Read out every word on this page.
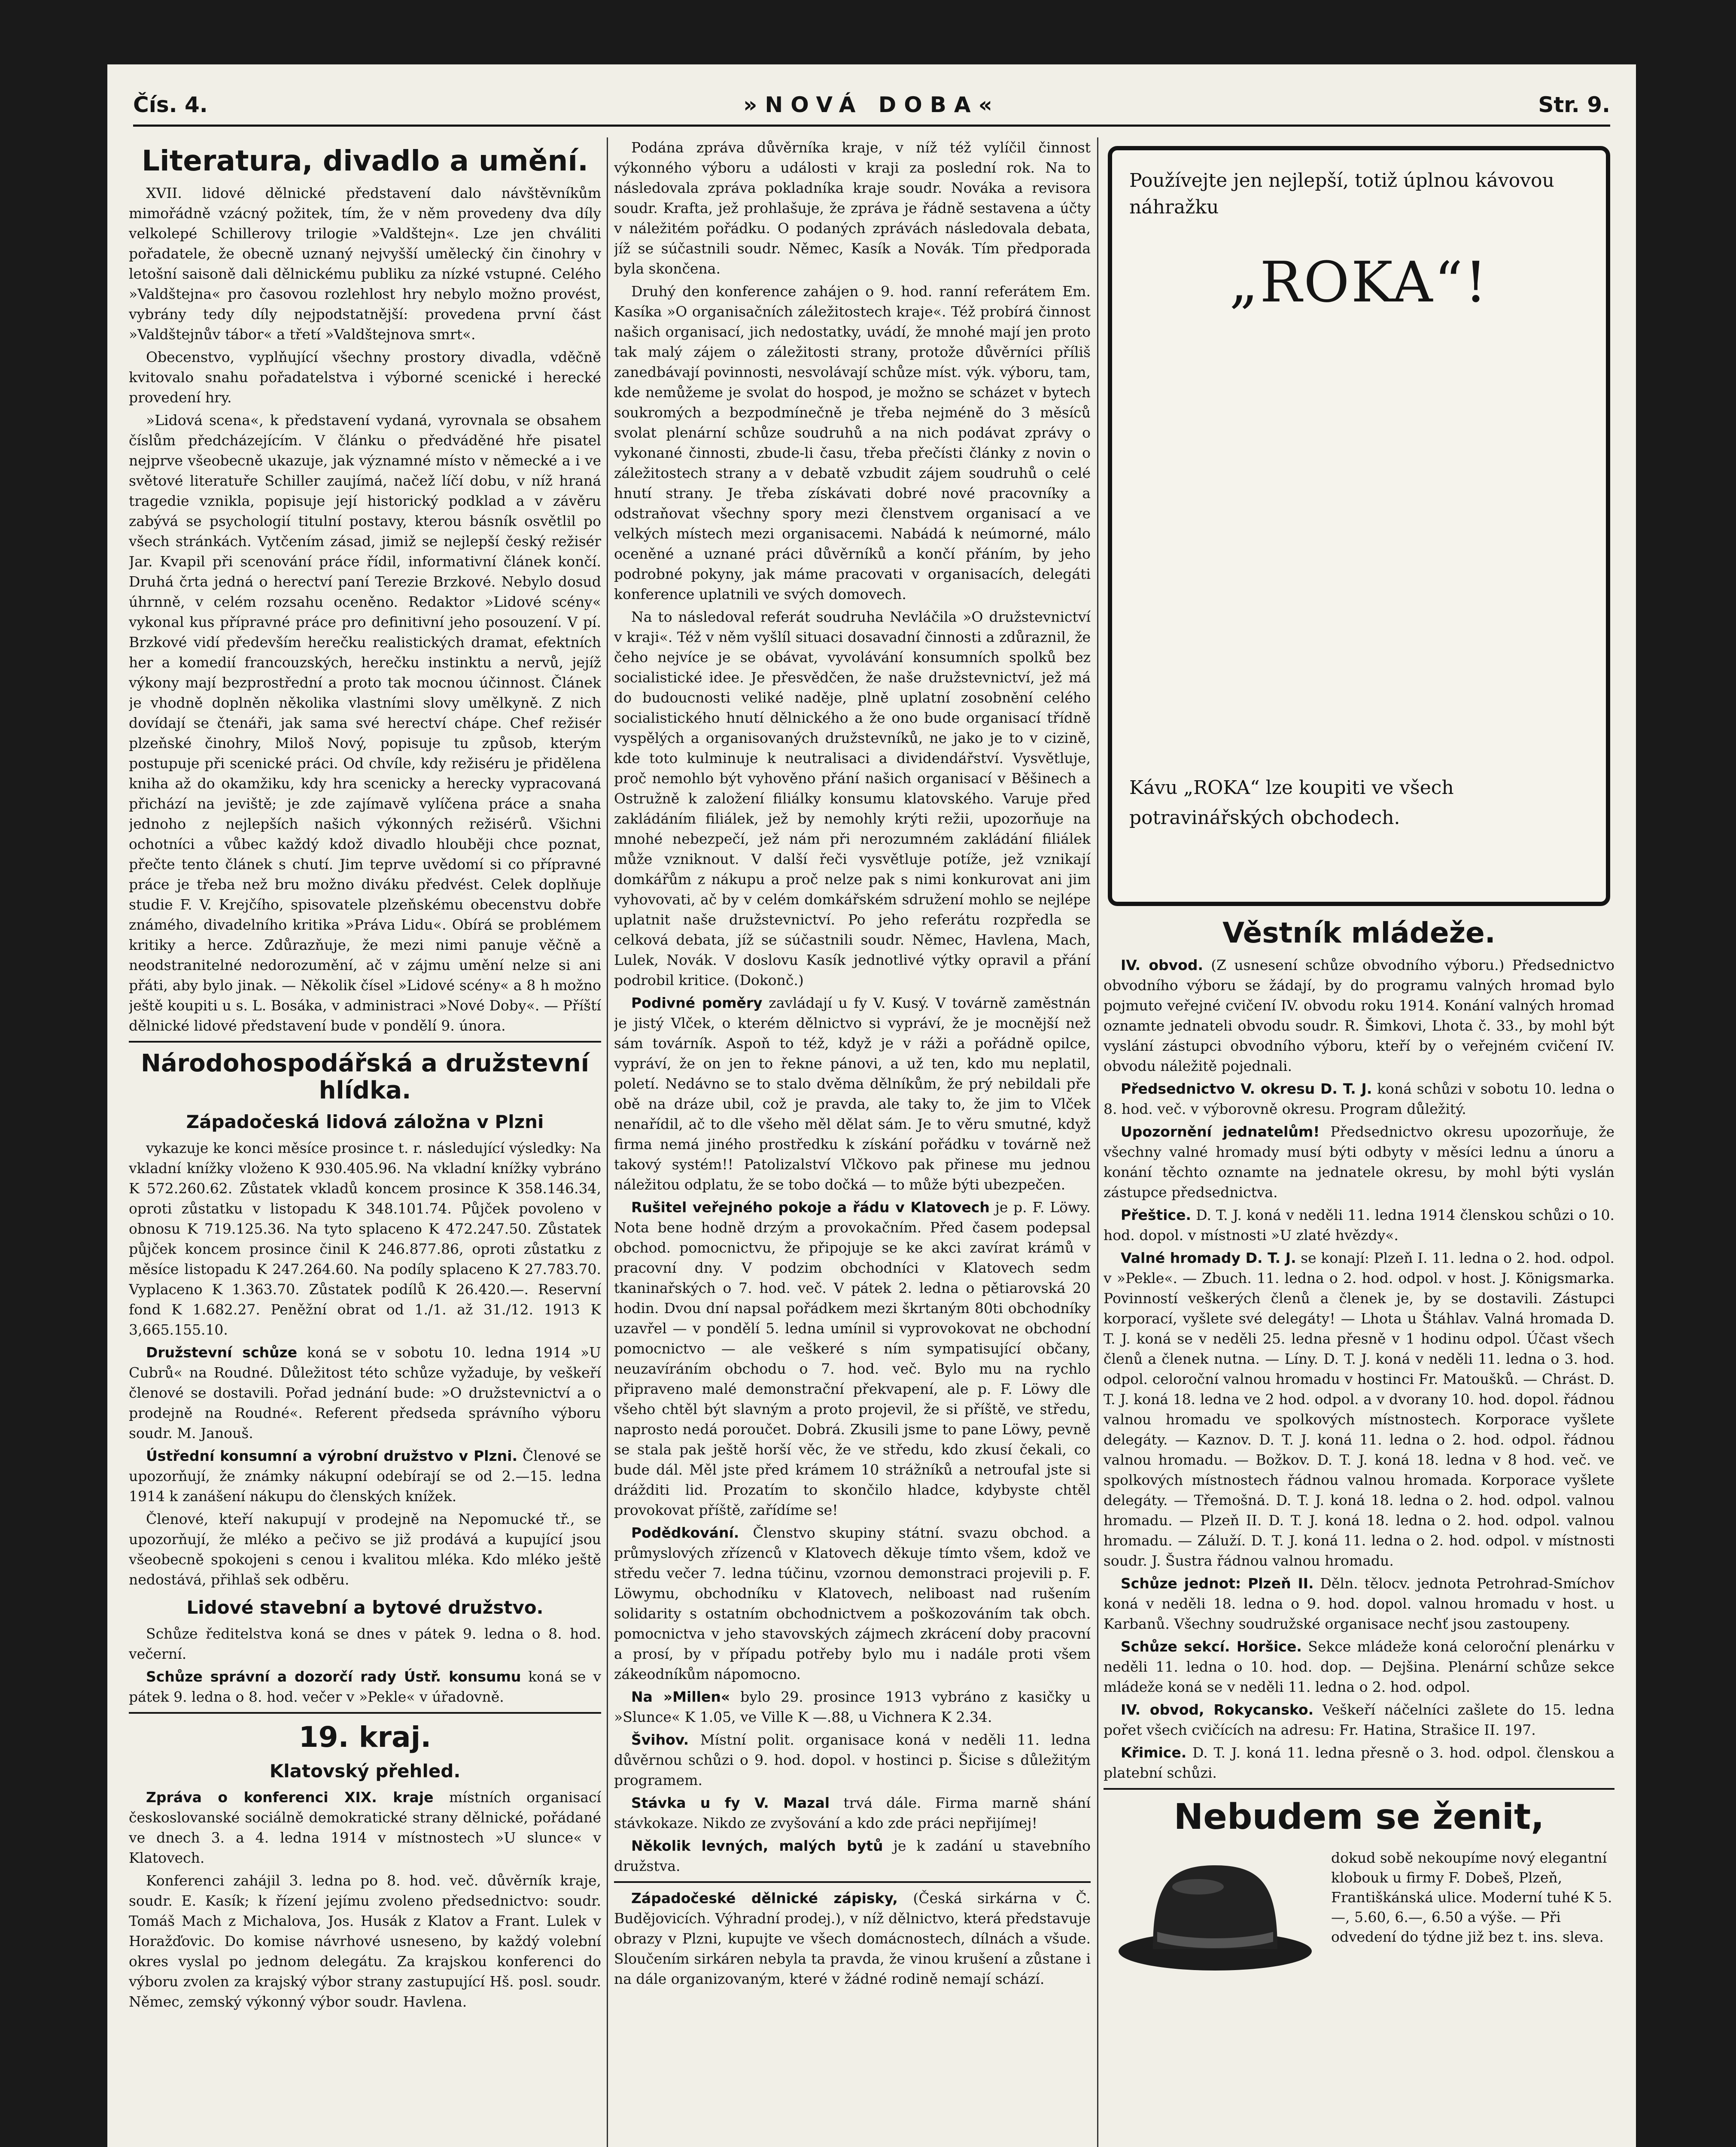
Čís. 4.	»NOVÁ DOBA«	Str. 9.
Literatura, divadlo a umění.

XVII. lidové dělnické představení dalo návštěvníkům mimořádně vzácný požitek, tím, že v něm provedeny dva díly velkolepé Schillerovy trilogie »Valdštejn«. Lze jen chváliti pořadatele, že obecně uznaný nejvyšší umělecký čin činohry v letošní saisoně dali dělnickému publiku za nízké vstupné. Celého »Valdštejna« pro časovou rozlehlost hry nebylo možno provést, vybrány tedy díly nejpodstatnější: provedena první část »Valdštejnův tábor« a třetí »Valdštejnova smrt«.

Obecenstvo, vyplňující všechny prostory divadla, vděčně kvitovalo snahu pořadatelstva i výborné scenické i herecké provedení hry.

»Lidová scena«, k představení vydaná, vyrovnala se obsahem číslům předcházejícím. V článku o předváděné hře pisatel nejprve všeobecně ukazuje, jak významné místo v německé a i ve světové literatuře Schiller zaujímá, načež líčí dobu, v níž hraná tragedie vznikla, popisuje její historický podklad a v závěru zabývá se psychologií titulní postavy, kterou básník osvětlil po všech stránkách. Vytčením zásad, jimiž se nejlepší český režisér Jar. Kvapil při scenování práce řídil, informativní článek končí. Druhá črta jedná o herectví paní Terezie Brzkové. Nebylo dosud úhrnně, v celém rozsahu oceněno. Redaktor »Lidové scény« vykonal kus přípravné práce pro definitivní jeho posouzení. V pí. Brzkové vidí především herečku realistických dramat, efektních her a komedií francouzských, herečku instinktu a nervů, jejíž výkony mají bezprostřední a proto tak mocnou účinnost. Článek je vhodně doplněn několika vlastními slovy umělkyně. Z nich dovídají se čtenáři, jak sama své herectví chápe. Chef režisér plzeňské činohry, Miloš Nový, popisuje tu způsob, kterým postupuje při scenické práci. Od chvíle, kdy režiséru je přidělena kniha až do okamžiku, kdy hra scenicky a herecky vypracovaná přichází na jeviště; je zde zajímavě vylíčena práce a snaha jednoho z nejlepších našich výkonných režisérů. Všichni ochotníci a vůbec každý kdož divadlo hlouběji chce poznat, přečte tento článek s chutí. Jim teprve uvědomí si co přípravné práce je třeba než bru možno diváku předvést. Celek doplňuje studie F. V. Krejčího, spisovatele plzeňskému obecenstvu dobře známého, divadelního kritika »Práva Lidu«. Obírá se problémem kritiky a herce. Zdůrazňuje, že mezi nimi panuje věčně a neodstranitelné nedorozumění, ač v zájmu umění nelze si ani přáti, aby bylo jinak. — Několik čísel »Lidové scény« a 8 h možno ještě koupiti u s. L. Bosáka, v administraci »Nové Doby«. — Příští dělnické lidové představení bude v pondělí 9. února.

Národohospodářská a družstevní hlídka.
Západočeská lidová záložna v Plzni

vykazuje ke konci měsíce prosince t. r. následující výsledky: Na vkladní knížky vloženo K 930.405.96. Na vkladní knížky vybráno K 572.260.62. Zůstatek vkladů koncem prosince K 358.146.34, oproti zůstatku v listopadu K 348.101.74. Půjček povoleno v obnosu K 719.125.36. Na tyto splaceno K 472.247.50. Zůstatek půjček koncem prosince činil K 246.877.86, oproti zůstatku z měsíce listopadu K 247.264.60. Na podíly splaceno K 27.783.70. Vyplaceno K 1.363.70. Zůstatek podílů K 26.420.—. Reservní fond K 1.682.27. Peněžní obrat od 1./1. až 31./12. 1913 K 3,665.155.10.

Družstevní schůze koná se v sobotu 10. ledna 1914 »U Cubrů« na Roudné. Důležitost této schůze vyžaduje, by veškeří členové se dostavili. Pořad jednání bude: »O družstevnictví a o prodejně na Roudné«. Referent předseda správního výboru soudr. M. Janouš.

Ústřední konsumní a výrobní družstvo v Plzni. Členové se upozorňují, že známky nákupní odebírají se od 2.—15. ledna 1914 k zanášení nákupu do členských knížek.

Členové, kteří nakupují v prodejně na Nepomucké tř., se upozorňují, že mléko a pečivo se již prodává a kupující jsou všeobecně spokojeni s cenou i kvalitou mléka. Kdo mléko ještě nedostává, přihlaš sek odběru.

Lidové stavební a bytové družstvo.

Schůze ředitelstva koná se dnes v pátek 9. ledna o 8. hod. večerní.

Schůze správní a dozorčí rady Ústř. konsumu koná se v pátek 9. ledna o 8. hod. večer v »Pekle« v úřadovně.

19. kraj.
Klatovský přehled.

Zpráva o konferenci XIX. kraje místních organisací českoslovanské sociálně demokratické strany dělnické, pořádané ve dnech 3. a 4. ledna 1914 v místnostech »U slunce« v Klatovech.

Konferenci zahájil 3. ledna po 8. hod. več. důvěrník kraje, soudr. E. Kasík; k řízení jejímu zvoleno předsednictvo: soudr. Tomáš Mach z Michalova, Jos. Husák z Klatov a Frant. Lulek v Horažďovic. Do komise návrhové usneseno, by každý volební okres vyslal po jednom delegátu. Za krajskou konferenci do výboru zvolen za krajský výbor strany zastupující Hš. posl. soudr. Němec, zemský výkonný výbor soudr. Havlena.

Podána zpráva důvěrníka kraje, v níž též vylíčil činnost výkonného výboru a události v kraji za poslední rok. Na to následovala zpráva pokladníka kraje soudr. Nováka a revisora soudr. Krafta, jež prohlašuje, že zpráva je řádně sestavena a účty v náležitém pořádku. O podaných zprávách následovala debata, jíž se súčastnili soudr. Němec, Kasík a Novák. Tím předporada byla skončena.

Druhý den konference zahájen o 9. hod. ranní referátem Em. Kasíka »O organisačních záležitostech kraje«. Též probírá činnost našich organisací, jich nedostatky, uvádí, že mnohé mají jen proto tak malý zájem o záležitosti strany, protože důvěrníci příliš zanedbávají povinnosti, nesvolávají schůze míst. výk. výboru, tam, kde nemůžeme je svolat do hospod, je možno se scházet v bytech soukromých a bezpodmínečně je třeba nejméně do 3 měsíců svolat plenární schůze soudruhů a na nich podávat zprávy o vykonané činnosti, zbude-li času, třeba přečísti články z novin o záležitostech strany a v debatě vzbudit zájem soudruhů o celé hnutí strany. Je třeba získávati dobré nové pracovníky a odstraňovat všechny spory mezi členstvem organisací a ve velkých místech mezi organisacemi. Nabádá k neúmorné, málo oceněné a uznané práci důvěrníků a končí přáním, by jeho podrobné pokyny, jak máme pracovati v organisacích, delegáti konference uplatnili ve svých domovech.

Na to následoval referát soudruha Nevláčila »O družstevnictví v kraji«. Též v něm vyšlíl situaci dosavadní činnosti a zdůraznil, že čeho nejvíce je se obávat, vyvolávání konsumních spolků bez socialistické idee. Je přesvědčen, že naše družstevnictví, jež má do budoucnosti veliké naděje, plně uplatní zosobnění celého socialistického hnutí dělnického a že ono bude organisací třídně vyspělých a organisovaných družstevníků, ne jako je to v cizině, kde toto kulminuje k neutralisaci a dividendářství. Vysvětluje, proč nemohlo být vyhověno přání našich organisací v Běšinech a Ostružně k založení filiálky konsumu klatovského. Varuje před zakládáním filiálek, jež by nemohly krýti režii, upozorňuje na mnohé nebezpečí, jež nám při nerozumném zakládání filiálek může vzniknout. V další řeči vysvětluje potíže, jež vznikají domkářům z nákupu a proč nelze pak s nimi konkurovat ani jim vyhovovati, ač by v celém domkářském sdružení mohlo se nejlépe uplatnit naše družstevnictví. Po jeho referátu rozpředla se celková debata, jíž se súčastnili soudr. Němec, Havlena, Mach, Lulek, Novák. V doslovu Kasík jednotlivé výtky opravil a přání podrobil kritice. (Dokonč.)

Podivné poměry zavládají u fy V. Kusý. V továrně zaměstnán je jistý Vlček, o kterém dělnictvo si vypráví, že je mocnější než sám továrník. Aspoň to též, když je v ráži a pořádně opilce, vypráví, že on jen to řekne pánovi, a už ten, kdo mu neplatil, poletí. Nedávno se to stalo dvěma dělníkům, že prý nebildali pře obě na dráze ubil, což je pravda, ale taky to, že jim to Vlček nenařídil, ač to dle všeho měl dělat sám. Je to věru smutné, když firma nemá jiného prostředku k získání pořádku v továrně než takový systém!! Patolizalství Vlčkovo pak přinese mu jednou náležitou odplatu, že se tobo dočká — to může býti ubezpečen.

Rušitel veřejného pokoje a řádu v Klatovech je p. F. Löwy. Nota bene hodně drzým a provokačním. Před časem podepsal obchod. pomocnictvu, že připojuje se ke akci zavírat krámů v pracovní dny. V podzim obchodníci v Klatovech sedm tkaninařských o 7. hod. več. V pátek 2. ledna o pětiarovská 20 hodin. Dvou dní napsal pořádkem mezi škrtaným 80ti obchodníky uzavřel — v pondělí 5. ledna umínil si vyprovokovat ne obchodní pomocnictvo — ale veškeré s ním sympatisující občany, neuzavíráním obchodu o 7. hod. več. Bylo mu na rychlo připraveno malé demonstrační překvapení, ale p. F. Löwy dle všeho chtěl být slavným a proto projevil, že si příště, ve středu, naprosto nedá poroučet. Dobrá. Zkusili jsme to pane Löwy, pevně se stala pak ještě horší věc, že ve středu, kdo zkusí čekali, co bude dál. Měl jste před krámem 10 strážníků a netroufal jste si drážditi lid. Prozatím to skončilo hladce, kdybyste chtěl provokovat příště, zařídíme se!

Podědkování. Členstvo skupiny státní. svazu obchod. a průmyslových zřízenců v Klatovech děkuje tímto všem, kdož ve středu večer 7. ledna túčinu, vzornou demonstraci projevili p. F. Löwymu, obchodníku v Klatovech, neliboast nad rušením solidarity s ostatním obchodnictvem a poškozováním tak obch. pomocnictva v jeho stavovských zájmech zkrácení doby pracovní a prosí, by v případu potřeby bylo mu i nadále proti všem zákeodníkům nápomocno.

Na »Millen« bylo 29. prosince 1913 vybráno z kasičky u »Slunce« K 1.05, ve Ville K —.88, u Vichnera K 2.34.

Švihov. Místní polit. organisace koná v neděli 11. ledna důvěrnou schůzi o 9. hod. dopol. v hostinci p. Šicise s důležitým programem.

Stávka u fy V. Mazal trvá dále. Firma marně shání stávkokaze. Nikdo ze zvyšování a kdo zde práci nepřijímej!

Několik levných, malých bytů je k zadání u stavebního družstva.

Západočeské dělnické zápisky, (Česká sirkárna v Č. Budějovicích. Výhradní prodej.), v níž dělnictvo, která představuje obrazy v Plzni, kupujte ve všech domácnostech, dílnách a všude. Sloučením sirkáren nebyla ta pravda, že vinou krušení a zůstane i na dále organizovaným, které v žádné rodině nemají schází.

Používejte jen nejlepší, totiž úplnou kávovou náhražku
„ROKA“!
Kávu „ROKA“ lze koupiti ve všech potravinářských obchodech.
Věstník mládeže.

IV. obvod. (Z usnesení schůze obvodního výboru.) Předsednictvo obvodního výboru se žádají, by do programu valných hromad bylo pojmuto veřejné cvičení IV. obvodu roku 1914. Konání valných hromad oznamte jednateli obvodu soudr. R. Šimkovi, Lhota č. 33., by mohl být vyslání zástupci obvodního výboru, kteří by o veřejném cvičení IV. obvodu náležitě pojednali.

Předsednictvo V. okresu D. T. J. koná schůzi v sobotu 10. ledna o 8. hod. več. v výborovně okresu. Program důležitý.

Upozornění jednatelům! Předsednictvo okresu upozorňuje, že všechny valné hromady musí býti odbyty v měsíci lednu a únoru a konání těchto oznamte na jednatele okresu, by mohl býti vyslán zástupce předsednictva.

Přeštice. D. T. J. koná v neděli 11. ledna 1914 členskou schůzi o 10. hod. dopol. v místnosti »U zlaté hvězdy«.

Valné hromady D. T. J. se konají: Plzeň I. 11. ledna o 2. hod. odpol. v »Pekle«. — Zbuch. 11. ledna o 2. hod. odpol. v host. J. Königsmarka. Povinností veškerých členů a členek je, by se dostavili. Zástupci korporací, vyšlete své delegáty! — Lhota u Štáhlav. Valná hromada D. T. J. koná se v neděli 25. ledna přesně v 1 hodinu odpol. Účast všech členů a členek nutna. — Líny. D. T. J. koná v neděli 11. ledna o 3. hod. odpol. celoroční valnou hromadu v hostinci Fr. Matoušků. — Chrást. D. T. J. koná 18. ledna ve 2 hod. odpol. a v dvorany 10. hod. dopol. řádnou valnou hromadu ve spolkových místnostech. Korporace vyšlete delegáty. — Kaznov. D. T. J. koná 11. ledna o 2. hod. odpol. řádnou valnou hromadu. — Božkov. D. T. J. koná 18. ledna v 8 hod. več. ve spolkových místnostech řádnou valnou hromada. Korporace vyšlete delegáty. — Třemošná. D. T. J. koná 18. ledna o 2. hod. odpol. valnou hromadu. — Plzeň II. D. T. J. koná 18. ledna o 2. hod. odpol. valnou hromadu. — Záluží. D. T. J. koná 11. ledna o 2. hod. odpol. v místnosti soudr. J. Šustra řádnou valnou hromadu.

Schůze jednot: Plzeň II. Děln. tělocv. jednota Petrohrad-Smíchov koná v neděli 18. ledna o 9. hod. dopol. valnou hromadu v host. u Karbanů. Všechny soudružské organisace nechť jsou zastoupeny.

Schůze sekcí. Horšice. Sekce mládeže koná celoroční plenárku v neděli 11. ledna o 10. hod. dop. — Dejšina. Plenární schůze sekce mládeže koná se v neděli 11. ledna o 2. hod. odpol.

IV. obvod, Rokycansko. Veškeří náčelníci zašlete do 15. ledna pořet všech cvičících na adresu: Fr. Hatina, Strašice II. 197.

Křimice. D. T. J. koná 11. ledna přesně o 3. hod. odpol. členskou a platební schůzi.

Nebudem se ženit,
dokud sobě nekoupíme nový elegantní klobouk u firmy F. Dobeš, Plzeň, Františkánská ulice. Moderní tuhé K 5.—, 5.60, 6.—, 6.50 a výše. — Při odvedení do týdne již bez t. ins. sleva.
